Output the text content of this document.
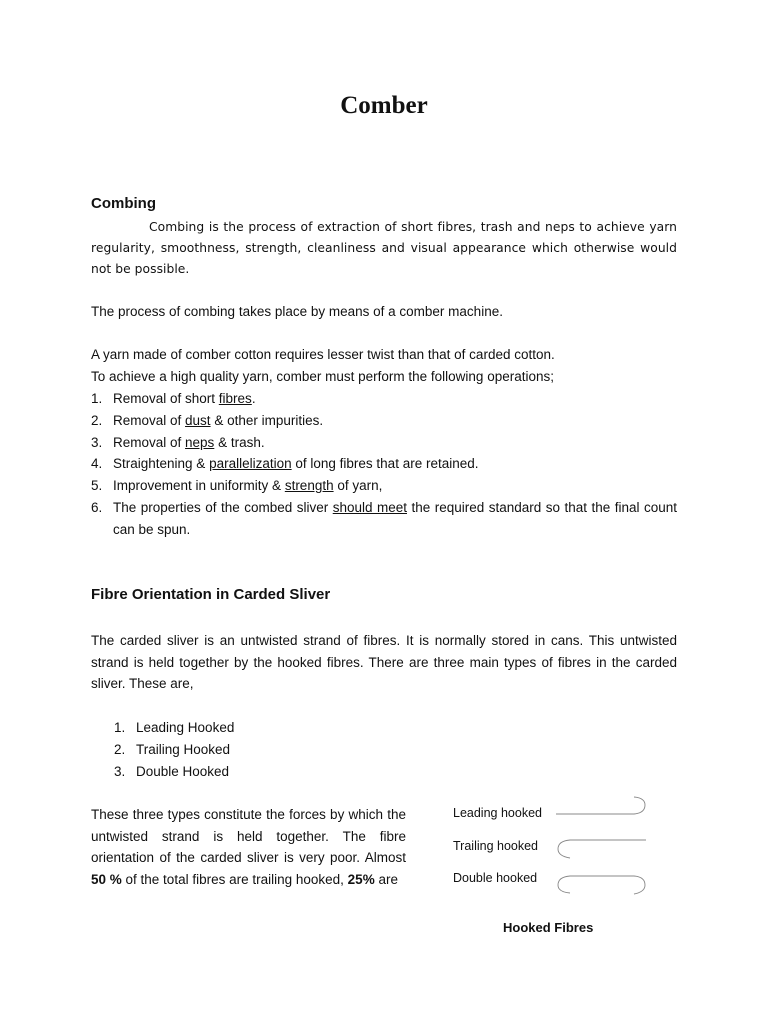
Comber
Combing
Combing is the process of extraction of short fibres, trash and neps to achieve yarn regularity, smoothness, strength, cleanliness and visual appearance which otherwise would not be possible.
The process of combing takes place by means of a comber machine.
A yarn made of comber cotton requires lesser twist than that of carded cotton.
To achieve a high quality yarn, comber must perform the following operations;
1. Removal of short fibres.
2. Removal of dust & other impurities.
3. Removal of neps & trash.
4. Straightening & parallelization of long fibres that are retained.
5. Improvement in uniformity & strength of yarn,
6. The properties of the combed sliver should meet the required standard so that the final count can be spun.
Fibre Orientation in Carded Sliver
The carded sliver is an untwisted strand of fibres. It is normally stored in cans. This untwisted strand is held together by the hooked fibres. There are three main types of fibres in the carded sliver. These are,
1. Leading Hooked
2. Trailing Hooked
3. Double Hooked
These three types constitute the forces by which the untwisted strand is held together. The fibre orientation of the carded sliver is very poor. Almost 50 % of the total fibres are trailing hooked, 25% are
Leading hooked
Trailing hooked
Double hooked
Hooked Fibres
